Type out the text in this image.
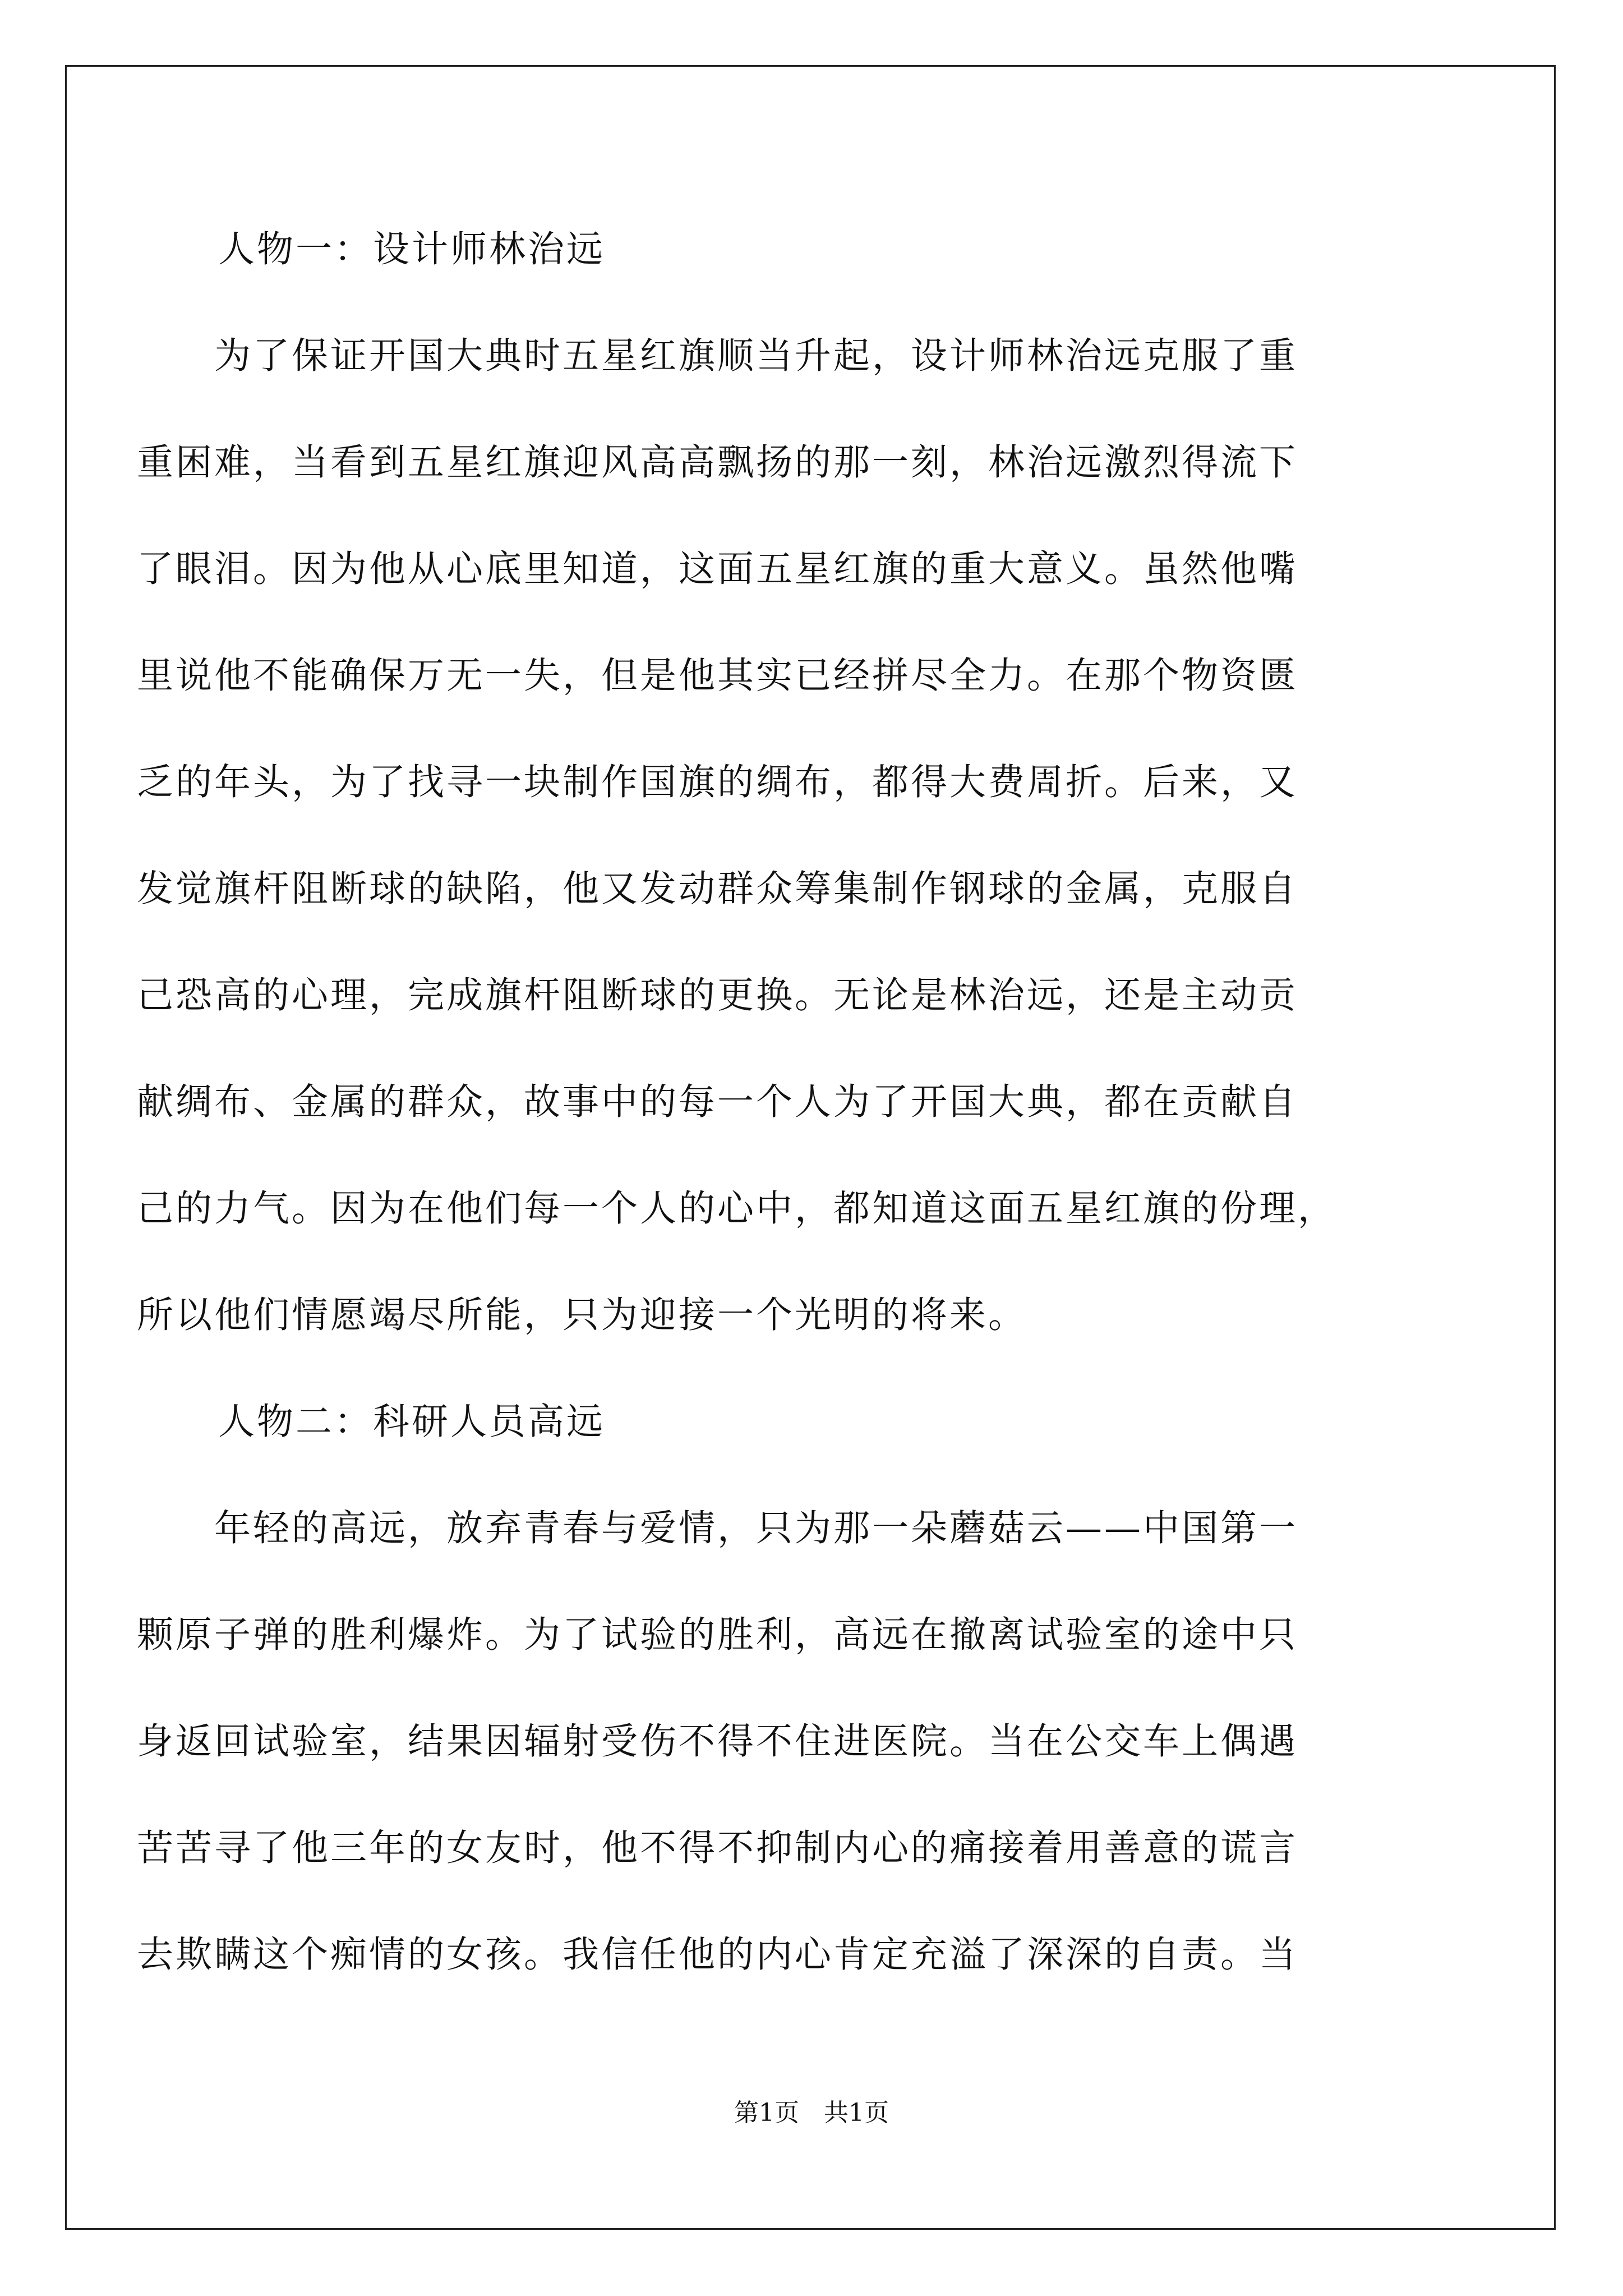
人物一：设计师林治远

　　为了保证开国大典时五星红旗顺当升起，设计师林治远克服了重

重困难，当看到五星红旗迎风高高飘扬的那一刻，林治远激烈得流下

了眼泪。因为他从心底里知道，这面五星红旗的重大意义。虽然他嘴

里说他不能确保万无一失，但是他其实已经拼尽全力。在那个物资匮

乏的年头，为了找寻一块制作国旗的绸布，都得大费周折。后来，又

发觉旗杆阻断球的缺陷，他又发动群众筹集制作钢球的金属，克服自

己恐高的心理，完成旗杆阻断球的更换。无论是林治远，还是主动贡

献绸布、金属的群众，故事中的每一个人为了开国大典，都在贡献自

己的力气。因为在他们每一个人的心中，都知道这面五星红旗的份理，

所以他们情愿竭尽所能，只为迎接一个光明的将来。

人物二：科研人员高远

　　年轻的高远，放弃青春与爱情，只为那一朵蘑菇云——中国第一

颗原子弹的胜利爆炸。为了试验的胜利，高远在撤离试验室的途中只

身返回试验室，结果因辐射受伤不得不住进医院。当在公交车上偶遇

苦苦寻了他三年的女友时，他不得不抑制内心的痛接着用善意的谎言

去欺瞒这个痴情的女孩。我信任他的内心肯定充溢了深深的自责。当

第1页　共1页
